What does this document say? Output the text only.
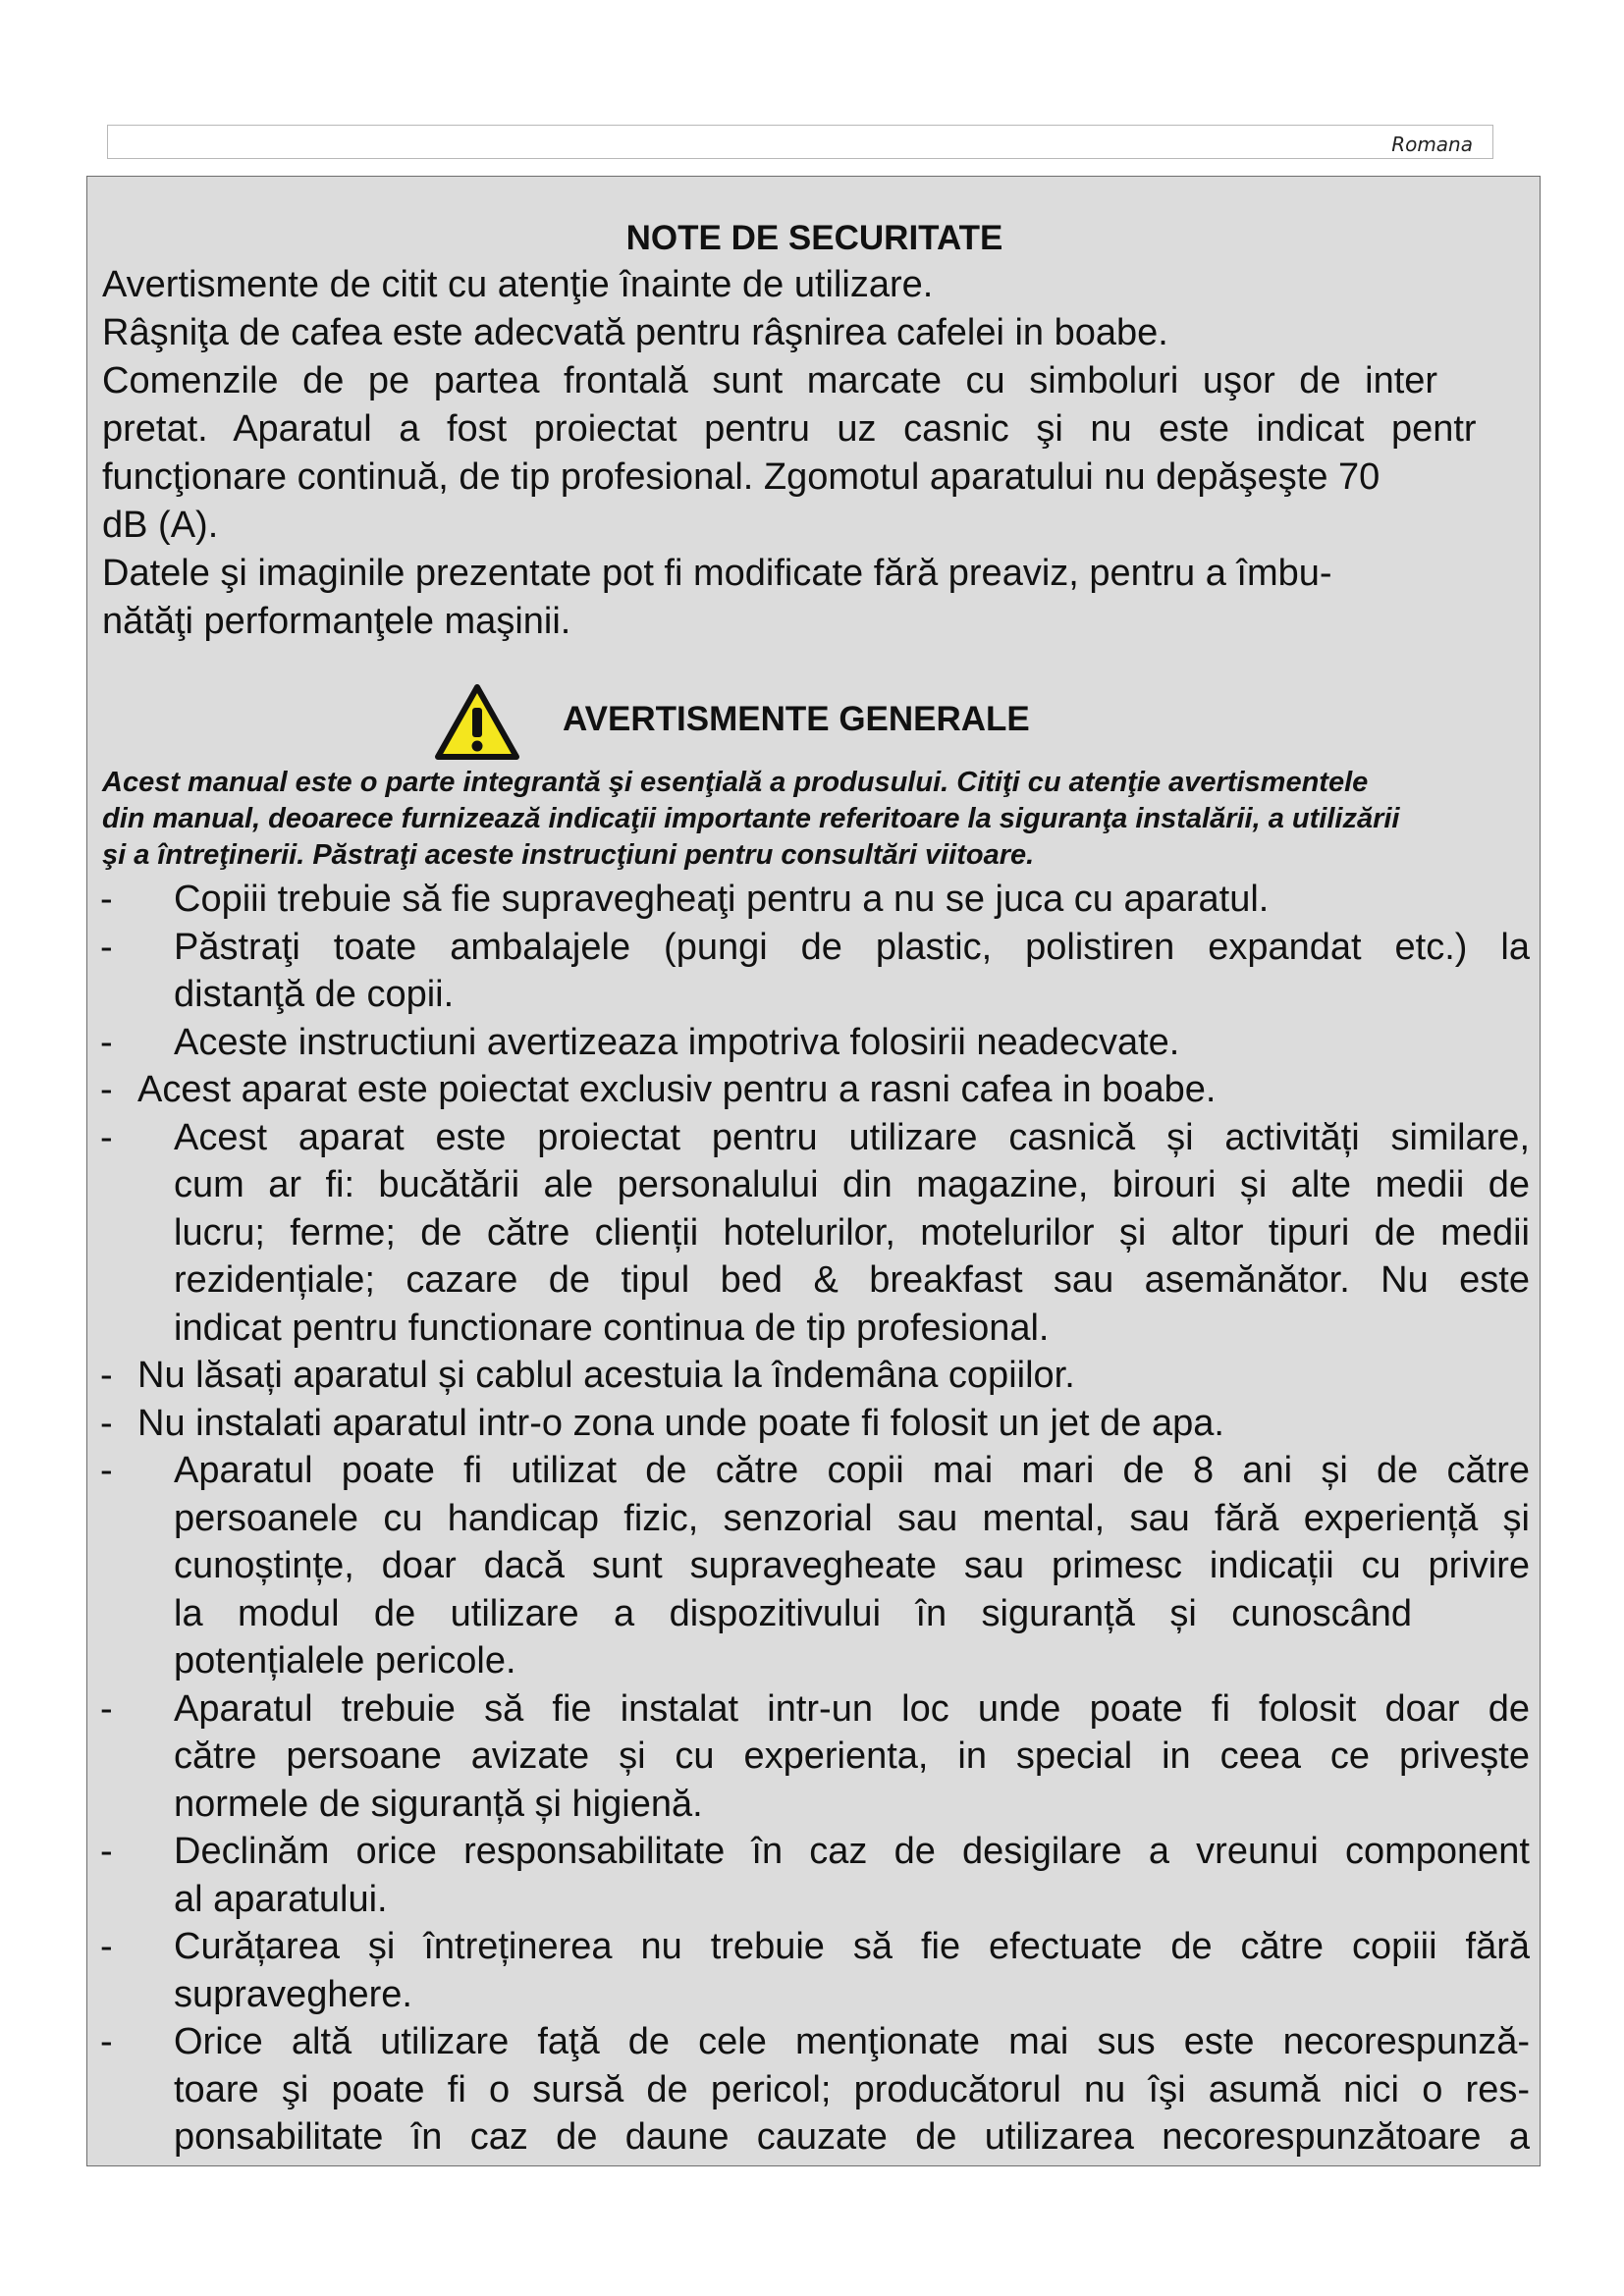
Romana
NOTE DE SECURITATE

Avertismente de citit cu atenţie înainte de utilizare.

Râşniţa de cafea este adecvată pentru râşnirea cafelei in boabe.

Comenzile de pe partea frontală sunt marcate cu simboluri uşor de inter

pretat. Aparatul a fost proiectat pentru uz casnic şi nu este indicat pentr

funcţionare continuă, de tip profesional. Zgomotul aparatului nu depăşeşte 70

dB (A).

Datele şi imaginile prezentate pot fi modificate fără preaviz, pentru a îmbu-

nătăţi performanţele maşinii.

AVERTISMENTE GENERALE

Acest manual este o parte integrantă şi esenţială a produsului. Citiţi cu atenţie avertismentele

din manual, deoarece furnizează indicaţii importante referitoare la siguranţa instalării, a utilizării

şi a întreţinerii. Păstraţi aceste instrucţiuni pentru consultări viitoare.

- Copiii trebuie să fie supravegheaţi pentru a nu se juca cu aparatul.
- Păstraţi toate ambalajele (pungi de plastic, polistiren expandat etc.) la
distanţă de copii.
- Aceste instructiuni avertizeaza impotriva folosirii neadecvate.
- Acest aparat este poiectat exclusiv pentru a rasni cafea in boabe.
- Acest aparat este proiectat pentru utilizare casnică și activități similare,
cum ar fi: bucătării ale personalului din magazine, birouri și alte medii de
lucru; ferme; de către clienții hotelurilor, motelurilor și altor tipuri de medii
rezidențiale; cazare de tipul bed & breakfast sau asemănător. Nu este
indicat pentru functionare continua de tip profesional.
- Nu lăsați aparatul și cablul acestuia la îndemâna copiilor.
- Nu instalati aparatul intr-o zona unde poate fi folosit un jet de apa.
- Aparatul poate fi utilizat de către copii mai mari de 8 ani și de către
persoanele cu handicap fizic, senzorial sau mental, sau fără experiență și
cunoștințe, doar dacă sunt supravegheate sau primesc indicații cu privire
la modul de utilizare a dispozitivului în siguranță și cunoscând
potențialele pericole.
- Aparatul trebuie să fie instalat intr-un loc unde poate fi folosit doar de
către persoane avizate și cu experienta, in special in ceea ce privește
normele de siguranță și higienă.
- Declinăm orice responsabilitate în caz de desigilare a vreunui component
al aparatului.
- Curățarea și întreținerea nu trebuie să fie efectuate de către copiii fără
supraveghere.
- Orice altă utilizare faţă de cele menţionate mai sus este necorespunză-
toare şi poate fi o sursă de pericol; producătorul nu îşi asumă nici o res-
ponsabilitate în caz de daune cauzate de utilizarea necorespunzătoare a
